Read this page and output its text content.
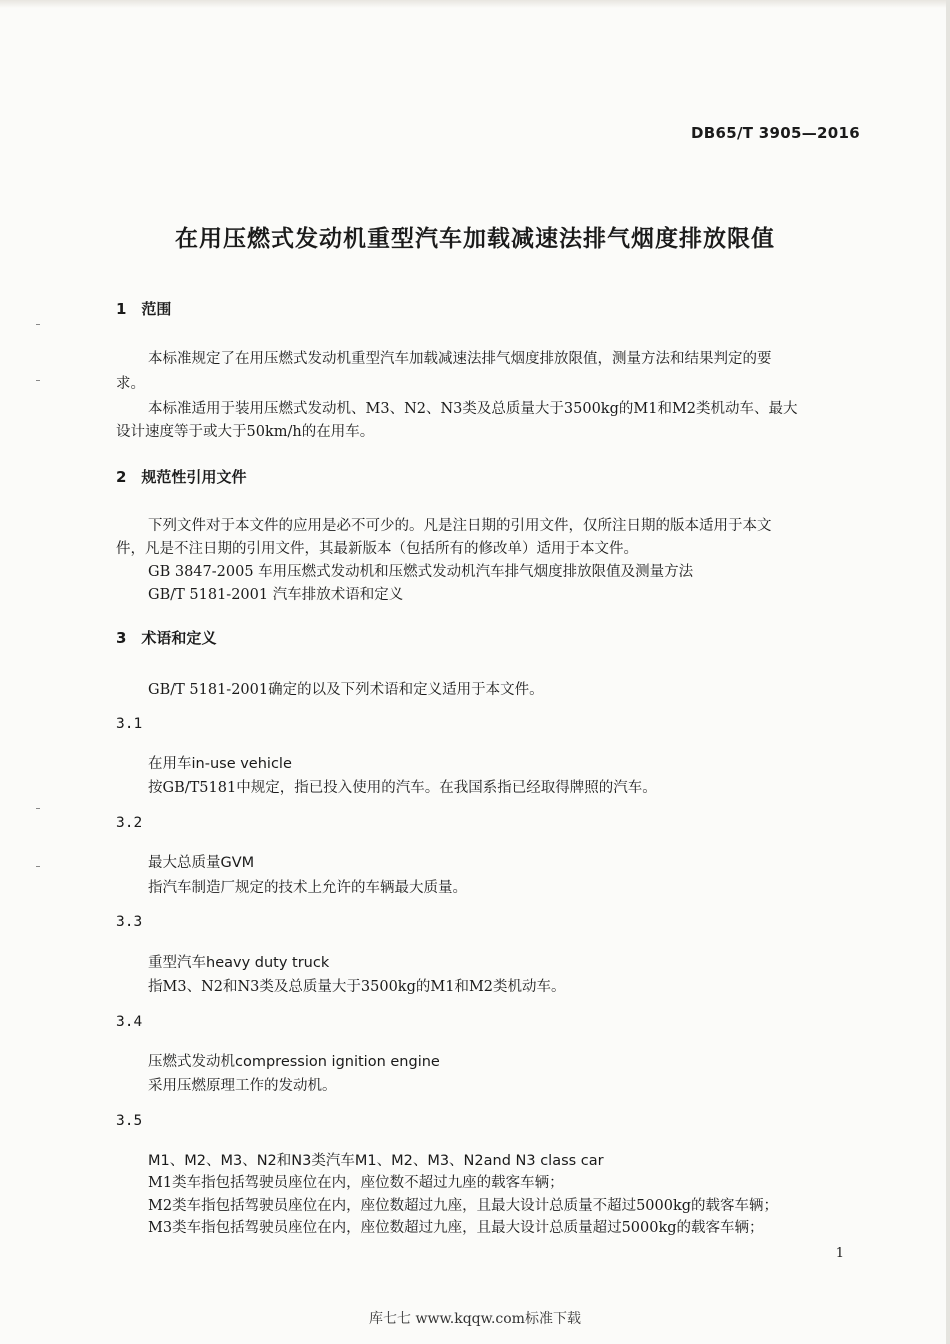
DB65/T 3905—2016
在用压燃式发动机重型汽车加载减速法排气烟度排放限值
1　范围
本标准规定了在用压燃式发动机重型汽车加载减速法排气烟度排放限值，测量方法和结果判定的要
求。
本标准适用于装用压燃式发动机、M3、N2、N3类及总质量大于3500kg的M1和M2类机动车、最大
设计速度等于或大于50km/h的在用车。
2　规范性引用文件
下列文件对于本文件的应用是必不可少的。凡是注日期的引用文件，仅所注日期的版本适用于本文
件，凡是不注日期的引用文件，其最新版本（包括所有的修改单）适用于本文件。
GB 3847-2005 车用压燃式发动机和压燃式发动机汽车排气烟度排放限值及测量方法
GB/T 5181-2001 汽车排放术语和定义
3　术语和定义
GB/T 5181-2001确定的以及下列术语和定义适用于本文件。
3.1
在用车in-use vehicle
按GB/T5181中规定，指已投入使用的汽车。在我国系指已经取得牌照的汽车。
3.2
最大总质量GVM
指汽车制造厂规定的技术上允许的车辆最大质量。
3.3
重型汽车heavy duty truck
指M3、N2和N3类及总质量大于3500kg的M1和M2类机动车。
3.4
压燃式发动机compression ignition engine
采用压燃原理工作的发动机。
3.5
M1、M2、M3、N2和N3类汽车M1、M2、M3、N2and N3 class car
M1类车指包括驾驶员座位在内，座位数不超过九座的载客车辆；
M2类车指包括驾驶员座位在内，座位数超过九座，且最大设计总质量不超过5000kg的载客车辆；
M3类车指包括驾驶员座位在内，座位数超过九座，且最大设计总质量超过5000kg的载客车辆；
1
库七七 www.kqqw.com标准下载
